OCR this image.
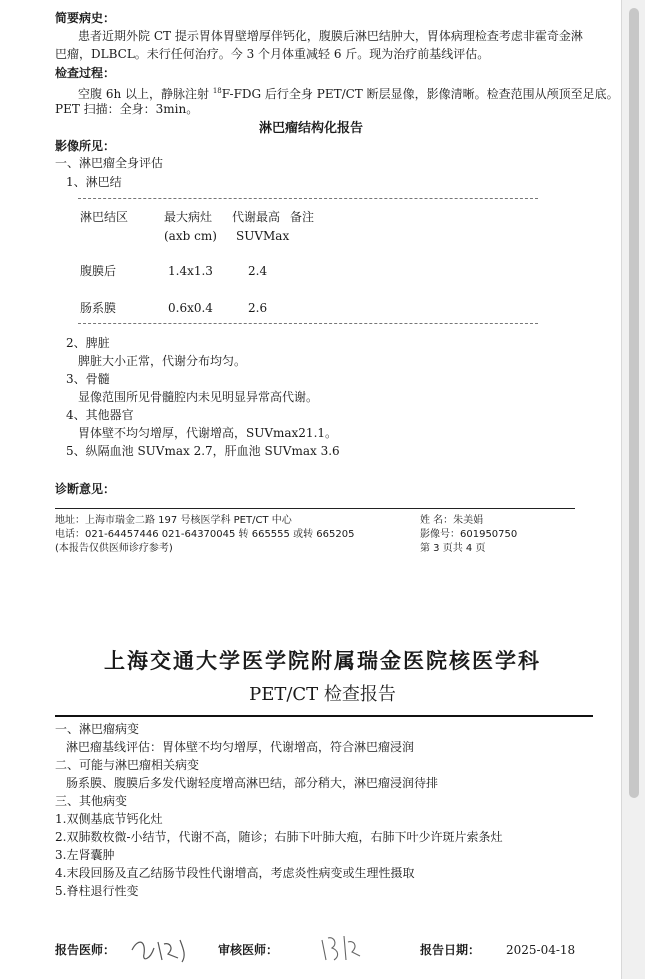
简要病史：
患者近期外院 CT 提示胃体胃壁增厚伴钙化，腹膜后淋巴结肿大，胃体病理检查考虑非霍奇金淋
巴瘤，DLBCL。未行任何治疗。今 3 个月体重减轻 6 斤。现为治疗前基线评估。
检查过程：
空腹 6h 以上，静脉注射 $^{18}$F-FDG 后行全身 PET/CT 断层显像，影像清晰。检查范围从颅顶至足底。
PET 扫描：全身：3min。
淋巴瘤结构化报告
影像所见：
一、淋巴瘤全身评估
1、淋巴结
淋巴结区	最大病灶 代谢最高 备注
(axb cm) SUVMax
腹膜后	1.4x1.3	2.4
肠系膜	0.6x0.4	2.6
2、脾脏
脾脏大小正常，代谢分布均匀。
3、骨髓
显像范围所见骨髓腔内未见明显异常高代谢。
4、其他器官
胃体壁不均匀增厚，代谢增高，SUVmax21.1。
5、纵隔血池 SUVmax 2.7，肝血池 SUVmax 3.6
诊断意见：
地址：上海市瑞金二路 197 号核医学科 PET/CT 中心
电话：021-64457446 021-64370045 转 665555 或转 665205
(本报告仅供医师诊疗参考)
姓 名：朱美娟
影像号：601950750
第 3 页共 4 页
上海交通大学医学院附属瑞金医院核医学科
PET/CT 检查报告
一、淋巴瘤病变
淋巴瘤基线评估：胃体壁不均匀增厚，代谢增高，符合淋巴瘤浸润
二、可能与淋巴瘤相关病变
肠系膜、腹膜后多发代谢轻度增高淋巴结，部分稍大，淋巴瘤浸润待排
三、其他病变
1.双侧基底节钙化灶
2.双肺数枚微-小结节，代谢不高，随诊；右肺下叶肺大疱，右肺下叶少许斑片索条灶
3.左肾囊肿
4.末段回肠及直乙结肠节段性代谢增高，考虑炎性病变或生理性摄取
5.脊柱退行性变
报告医师：	审核医师：	报告日期： 2025-04-18
